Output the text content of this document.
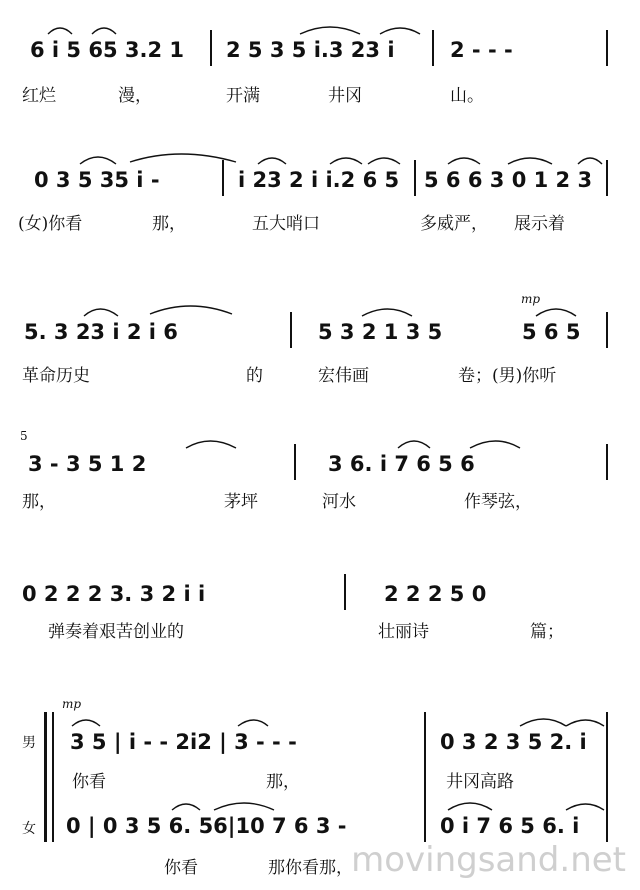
6 i 5 65 3.2 1 2 5 3 5 i.3 23 i	2 - - -
红烂	漫，	开满	井冈	山。
0 3 5 35 i -	i 23 2 i i.2 6 5 5 6 6 3 0 1 2 3
(女)你看	那，	五大哨口	多威严， 展示着
mp
5. 3 23 i 2 i 6	5 3 2 1 3 5	5 6 5
革命历史	的	宏伟画	卷；(男)你听
5
3 - 3 5 1 2	3 6. i 7 6 5 6
那，	茅坪	河水	作琴弦，
0 2 2 2 3. 3 2 i i	2 2 2 5 0
弹奏着艰苦创业的	壮丽诗	篇；
mp
男
女
3 5 | i - - 2i2 | 3 - - -	0 3 2 3 5 2. i
你看	那，	井冈高路
0 | 0 3 5 6. 56|10 7 6 3 -	0 i 7 6 5 6. i
你看	那你看那，
movingsand.net
